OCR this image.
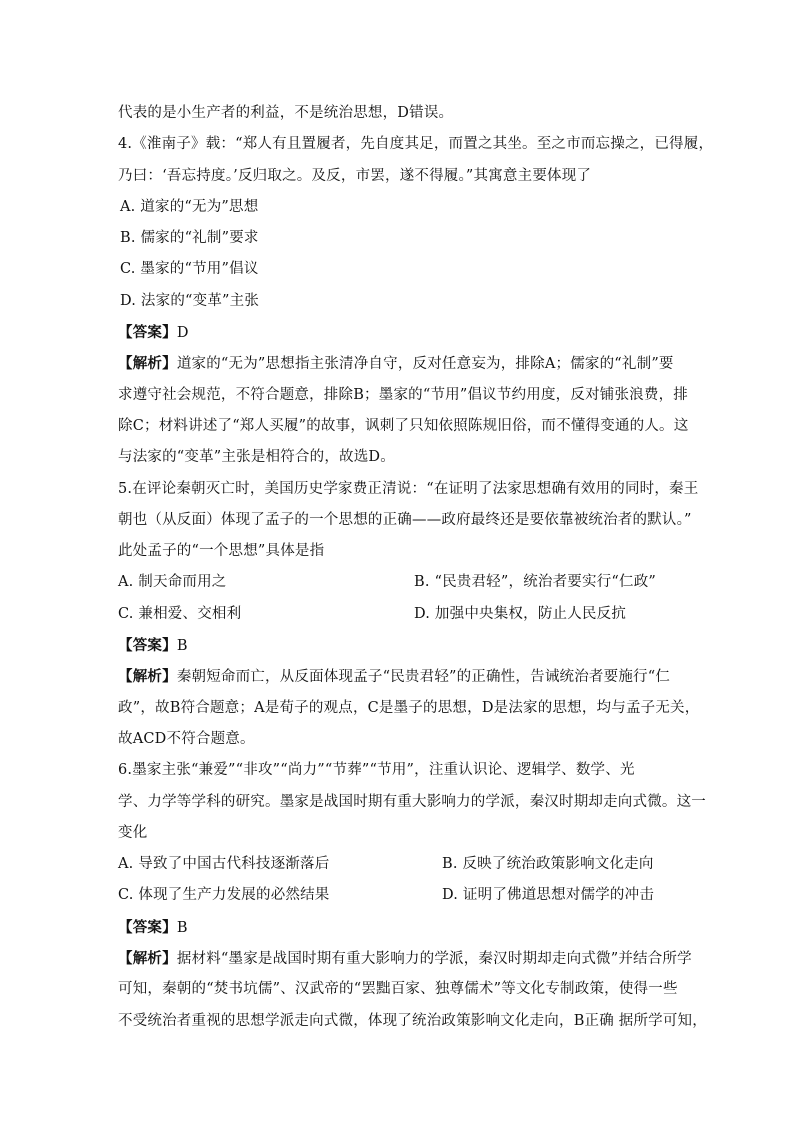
代表的是小生产者的利益，不是统治思想，D错误。
4.《淮南子》载：“郑人有且置履者，先自度其足，而置之其坐。至之市而忘操之，已得履，
乃曰：‘吾忘持度。’反归取之。及反，市罢，遂不得履。”其寓意主要体现了
A. 道家的“无为”思想
B. 儒家的“礼制”要求
C. 墨家的“节用”倡议
D. 法家的“变革”主张
【答案】D
【解析】道家的“无为”思想指主张清净自守，反对任意妄为，排除A；儒家的“礼制”要
求遵守社会规范，不符合题意，排除B；墨家的“节用”倡议节约用度，反对铺张浪费，排
除C；材料讲述了“郑人买履”的故事，讽刺了只知依照陈规旧俗，而不懂得变通的人。这
与法家的“变革”主张是相符合的，故选D。
5.在评论秦朝灭亡时，美国历史学家费正清说：“在证明了法家思想确有效用的同时，秦王
朝也（从反面）体现了孟子的一个思想的正确——政府最终还是要依靠被统治者的默认。”
此处孟子的“一个思想”具体是指
A. 制天命而用之	B. “民贵君轻”，统治者要实行“仁政”
C. 兼相爱、交相利	D. 加强中央集权，防止人民反抗
【答案】B
【解析】秦朝短命而亡，从反面体现孟子“民贵君轻”的正确性，告诫统治者要施行“仁
政”，故B符合题意；A是荀子的观点，C是墨子的思想，D是法家的思想，均与孟子无关，
故ACD不符合题意。
6.墨家主张“兼爱”“非攻”“尚力”“节葬”“节用”，注重认识论、逻辑学、数学、光
学、力学等学科的研究。墨家是战国时期有重大影响力的学派，秦汉时期却走向式微。这一
变化
A. 导致了中国古代科技逐渐落后	B. 反映了统治政策影响文化走向
C. 体现了生产力发展的必然结果	D. 证明了佛道思想对儒学的冲击
【答案】B
【解析】据材料“墨家是战国时期有重大影响力的学派，秦汉时期却走向式微”并结合所学
可知，秦朝的“焚书坑儒”、汉武帝的“罢黜百家、独尊儒术”等文化专制政策，使得一些
不受统治者重视的思想学派走向式微，体现了统治政策影响文化走向，B正确 据所学可知，
